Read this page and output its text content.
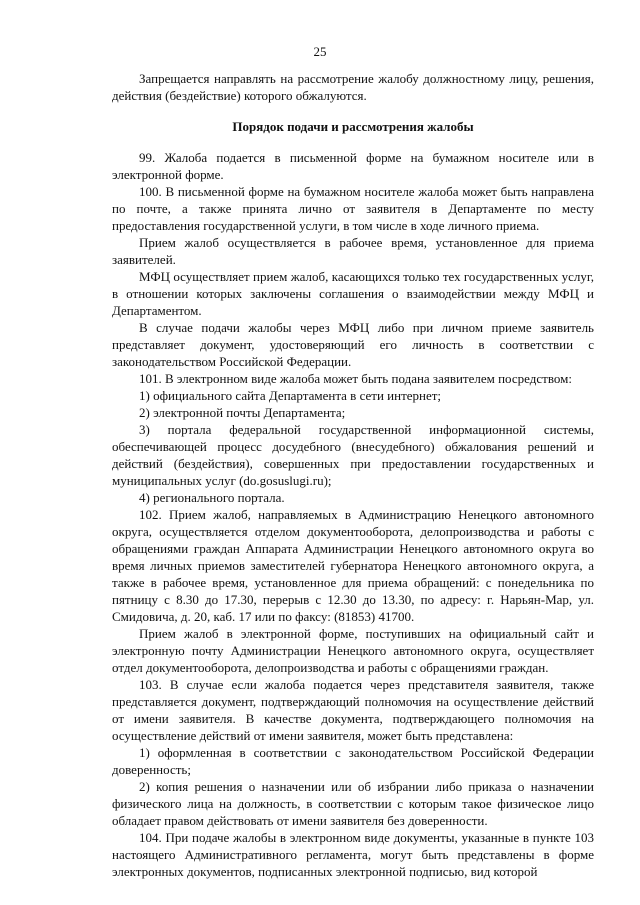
25

Запрещается направлять на рассмотрение жалобу должностному лицу, решения, действия (бездействие) которого обжалуются.

Порядок подачи и рассмотрения жалобы

99. Жалоба подается в письменной форме на бумажном носителе или в электронной форме.

100. В письменной форме на бумажном носителе жалоба может быть направлена по почте, а также принята лично от заявителя в Департаменте по месту предоставления государственной услуги, в том числе в ходе личного приема.

Прием жалоб осуществляется в рабочее время, установленное для приема заявителей.

МФЦ осуществляет прием жалоб, касающихся только тех государственных услуг, в отношении которых заключены соглашения о взаимодействии между МФЦ и Департаментом.

В случае подачи жалобы через МФЦ либо при личном приеме заявитель представляет документ, удостоверяющий его личность в соответствии с законодательством Российской Федерации.

101. В электронном виде жалоба может быть подана заявителем посредством:

1) официального сайта Департамента в сети интернет;

2) электронной почты Департамента;

3) портала федеральной государственной информационной системы, обеспечивающей процесс досудебного (внесудебного) обжалования решений и действий (бездействия), совершенных при предоставлении государственных и муниципальных услуг (do.gosuslugi.ru);

4) регионального портала.

102. Прием жалоб, направляемых в Администрацию Ненецкого автономного округа, осуществляется отделом документооборота, делопроизводства и работы с обращениями граждан Аппарата Администрации Ненецкого автономного округа во время личных приемов заместителей губернатора Ненецкого автономного округа, а также в рабочее время, установленное для приема обращений: с понедельника по пятницу с 8.30 до 17.30, перерыв с 12.30 до 13.30, по адресу: г. Нарьян-Мар, ул. Смидовича, д. 20, каб. 17 или по факсу: (81853) 41700.

Прием жалоб в электронной форме, поступивших на официальный сайт и электронную почту Администрации Ненецкого автономного округа, осуществляет отдел документооборота, делопроизводства и работы с обращениями граждан.

103. В случае если жалоба подается через представителя заявителя, также представляется документ, подтверждающий полномочия на осуществление действий от имени заявителя. В качестве документа, подтверждающего полномочия на осуществление действий от имени заявителя, может быть представлена:

1) оформленная в соответствии с законодательством Российской Федерации доверенность;

2) копия решения о назначении или об избрании либо приказа о назначении физического лица на должность, в соответствии с которым такое физическое лицо обладает правом действовать от имени заявителя без доверенности.

104. При подаче жалобы в электронном виде документы, указанные в пункте 103 настоящего Административного регламента, могут быть представлены в форме электронных документов, подписанных электронной подписью, вид которой
